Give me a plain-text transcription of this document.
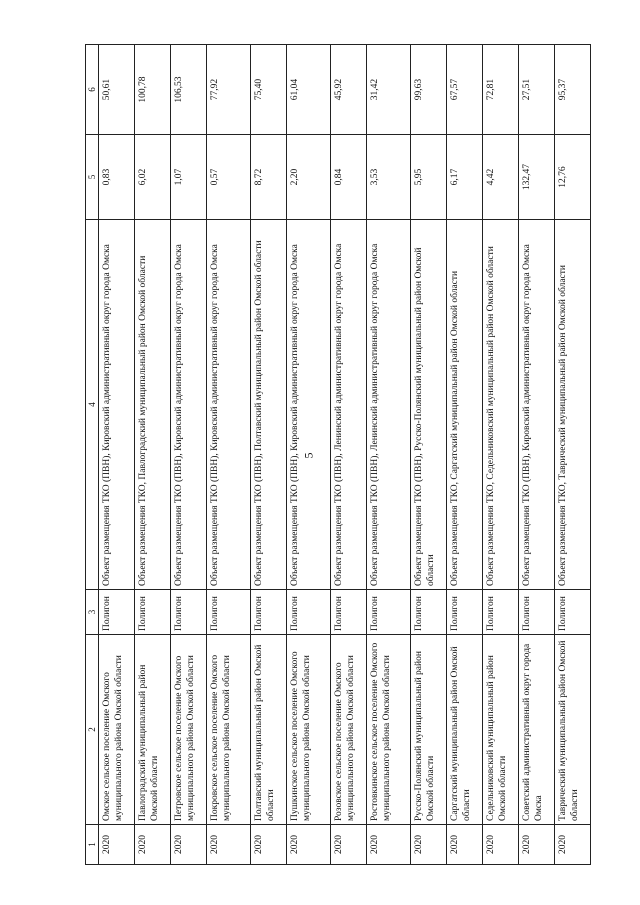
5
1	2	3	4	5	6
2020	Омское сельское поселение Омского муниципального района Омской области	Полигон	Объект размещения ТКО (ПВН), Кировский административный округ города Омска	0,83	50,61
2020	Павлоградский муниципальный район Омской области	Полигон	Объект размещения ТКО, Павлоградский муниципальный район Омской области	6,02	100,78
2020	Петровское сельское поселение Омского муниципального района Омской области	Полигон	Объект размещения ТКО (ПВН), Кировский административный округ города Омска	1,07	106,53
2020	Покровское сельское поселение Омского муниципального района Омской области	Полигон	Объект размещения ТКО (ПВН), Кировский административный округ города Омска	0,57	77,92
2020	Полтавский муниципальный район Омской области	Полигон	Объект размещения ТКО (ПВН), Полтавский муниципальный район Омской области	8,72	75,40
2020	Пушкинское сельское поселение Омского муниципального района Омской области	Полигон	Объект размещения ТКО (ПВН), Кировский административный округ города Омска	2,20	61,04
2020	Розовское сельское поселение Омского муниципального района Омской области	Полигон	Объект размещения ТКО (ПВН), Ленинский административный округ города Омска	0,84	45,92
2020	Ростовкинское сельское поселение Омского муниципального района Омской области	Полигон	Объект размещения ТКО (ПВН), Ленинский административный округ города Омска	3,53	31,42
2020	Русско-Полянский муниципальный район Омской области	Полигон	Объект размещения ТКО (ПВН), Русско-Полянский муниципальный район Омской области	5,95	99,63
2020	Саргатский муниципальный район Омской области	Полигон	Объект размещения ТКО, Саргатский муниципальный район Омской области	6,17	67,57
2020	Седельниковский муниципальный район Омской области	Полигон	Объект размещения ТКО, Седельниковский муниципальный район Омской области	4,42	72,81
2020	Советский административный округ города Омска	Полигон	Объект размещения ТКО (ПВН), Кировский административный округ города Омска	132,47	27,51
2020	Таврический муниципальный район Омской области	Полигон	Объект размещения ТКО, Таврический муниципальный район Омской области	12,76	95,37
